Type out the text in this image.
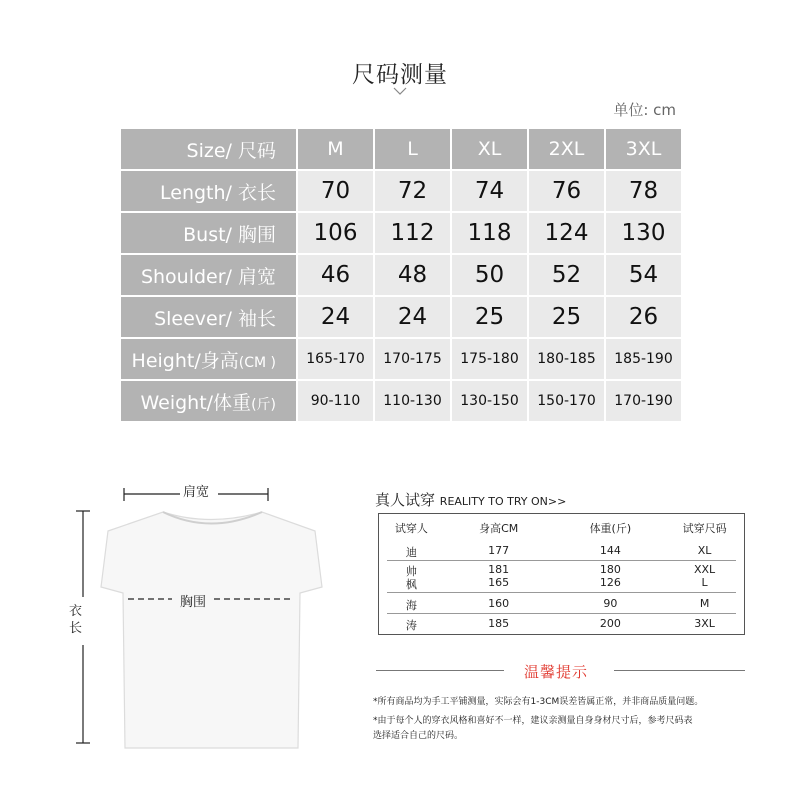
尺码测量
单位: cm
Size/ 尺码	M	L	XL	2XL	3XL
Length/ 衣长	70	72	74	76	78
Bust/ 胸围	106	112	118	124	130
Shoulder/ 肩宽	46	48	50	52	54
Sleever/ 袖长	24	24	25	25	26
Height/身高(CM )	165-170	170-175	175-180	180-185	185-190
Weight/体重(斤)	90-110	110-130	130-150	150-170	170-190
肩宽
胸围
衣长
真人试穿 REALITY TO TRY ON>>
试穿人	身高CM	体重(斤)	试穿尺码
迪	177	144	XL
帅	181	180	XXL
枫	165	126	L
海	160	90	M
涛	185	200	3XL
温馨提示
*所有商品均为手工平铺测量，实际会有1-3CM误差皆属正常，并非商品质量问题。
*由于每个人的穿衣风格和喜好不一样，建议亲测量自身身材尺寸后，参考尺码表
选择适合自己的尺码。
